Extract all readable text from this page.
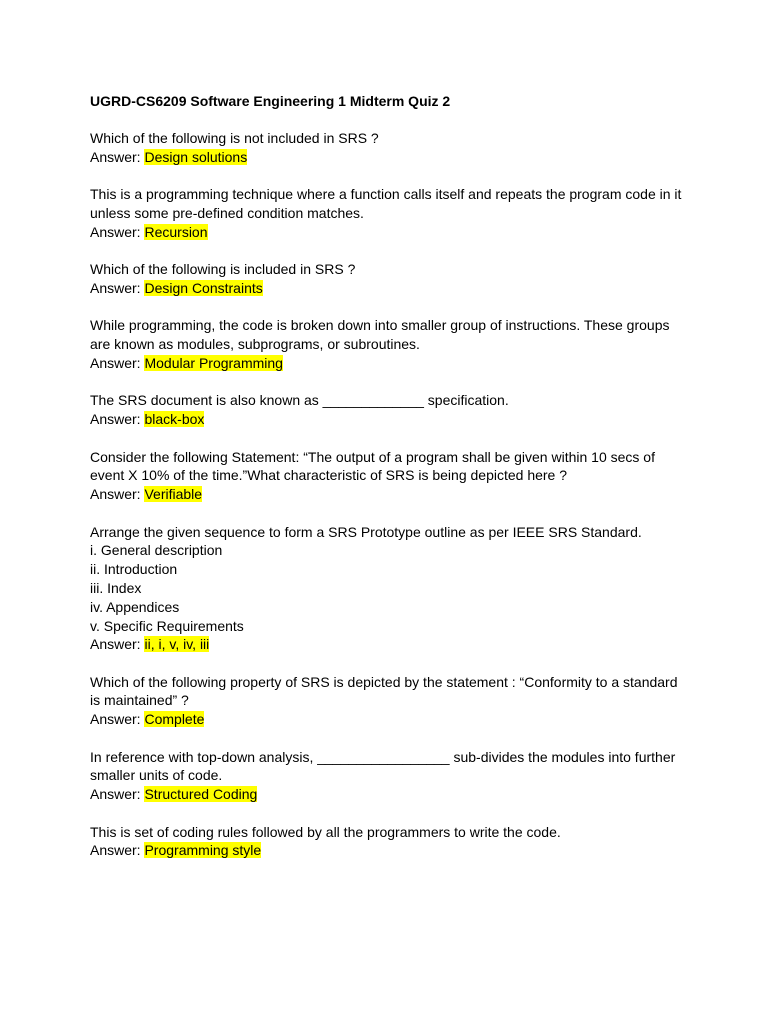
UGRD-CS6209 Software Engineering 1 Midterm Quiz 2
Which of the following is not included in SRS ?
Answer: Design solutions
This is a programming technique where a function calls itself and repeats the program code in it
unless some pre-defined condition matches.
Answer: Recursion
Which of the following is included in SRS ?
Answer: Design Constraints
While programming, the code is broken down into smaller group of instructions. These groups
are known as modules, subprograms, or subroutines.
Answer: Modular Programming
The SRS document is also known as _____________ specification.
Answer: black-box
Consider the following Statement: “The output of a program shall be given within 10 secs of
event X 10% of the time.”What characteristic of SRS is being depicted here ?
Answer: Verifiable
Arrange the given sequence to form a SRS Prototype outline as per IEEE SRS Standard.
i. General description
ii. Introduction
iii. Index
iv. Appendices
v. Specific Requirements
Answer: ii, i, v, iv, iii
Which of the following property of SRS is depicted by the statement : “Conformity to a standard
is maintained” ?
Answer: Complete
In reference with top-down analysis, _________________ sub-divides the modules into further
smaller units of code.
Answer: Structured Coding
This is set of coding rules followed by all the programmers to write the code.
Answer: Programming style
